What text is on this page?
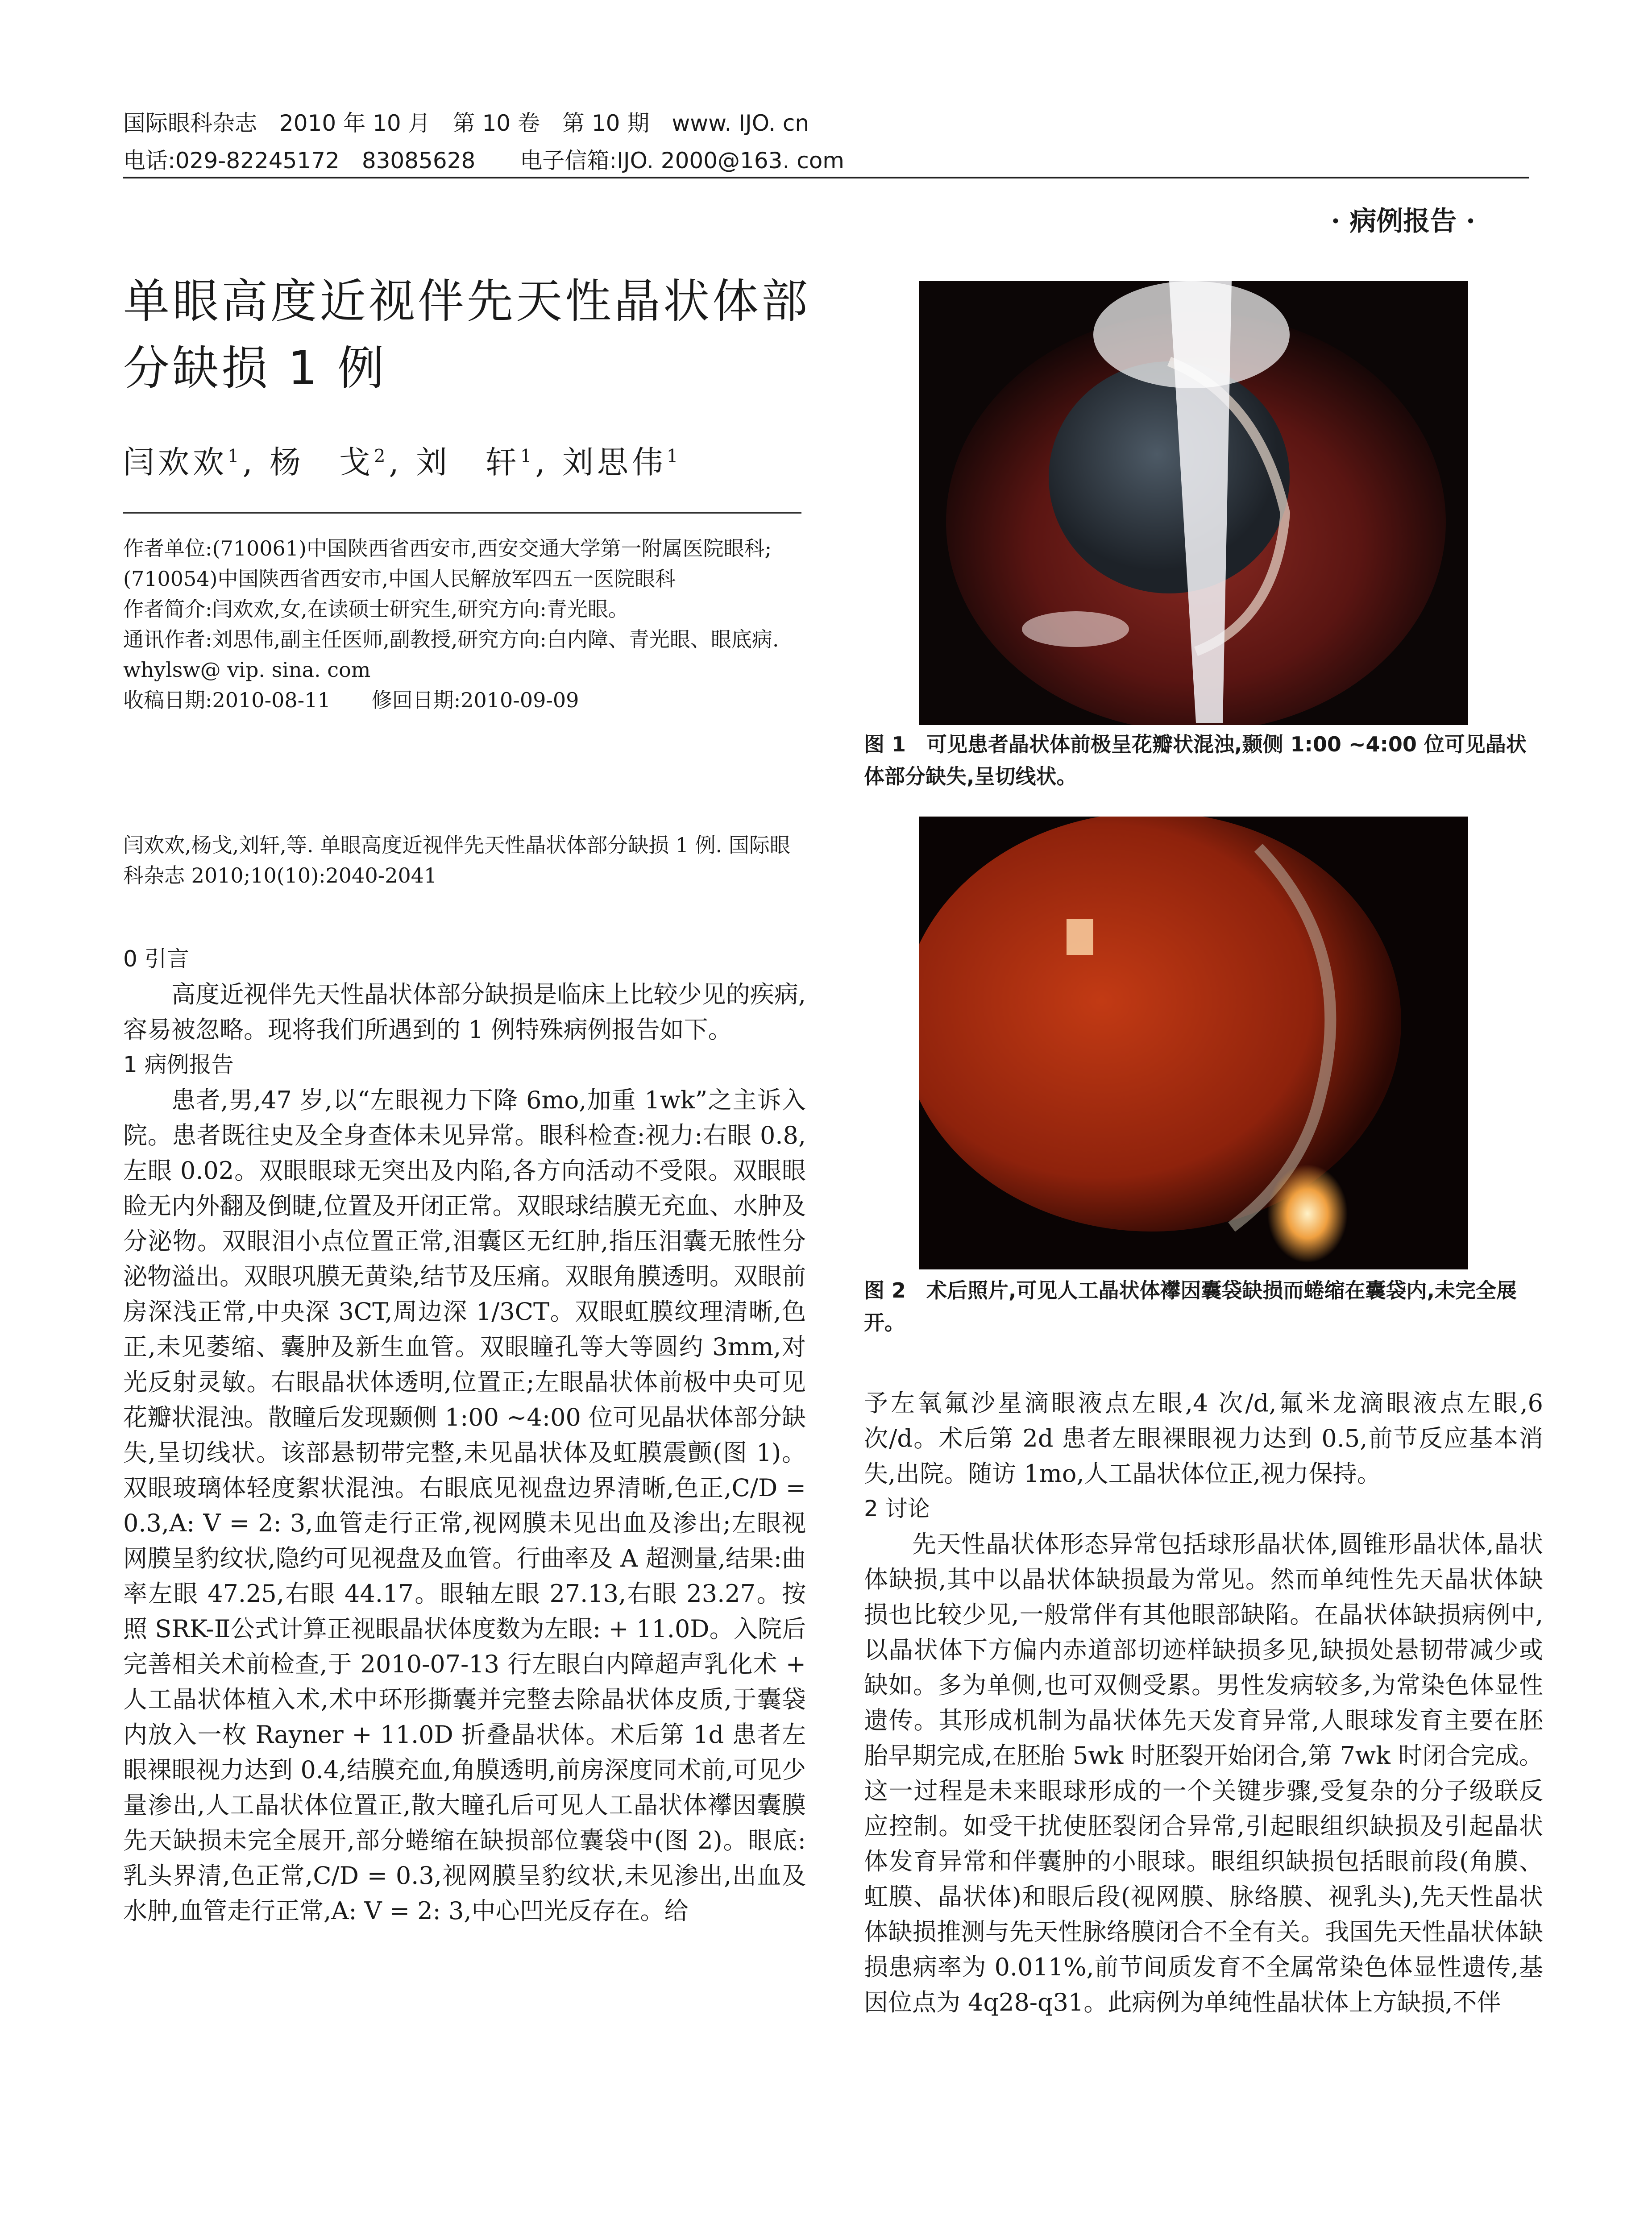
国际眼科杂志　2010 年 10 月　第 10 卷　第 10 期　www. IJO. cn
电话:029-82245172　83085628　　电子信箱:IJO. 2000@163. com
· 病例报告 ·
单眼高度近视伴先天性晶状体部分缺损 1 例
闫欢欢$^1$, 杨　戈$^2$, 刘　轩$^1$, 刘思伟$^1$

作者单位:(710061)中国陕西省西安市,西安交通大学第一附属医院眼科;(710054)中国陕西省西安市,中国人民解放军四五一医院眼科

作者简介:闫欢欢,女,在读硕士研究生,研究方向:青光眼。

通讯作者:刘思伟,副主任医师,副教授,研究方向:白内障、青光眼、眼底病. whylsw@ vip. sina. com

收稿日期:2010-08-11　　修回日期:2010-09-09

闫欢欢,杨戈,刘轩,等. 单眼高度近视伴先天性晶状体部分缺损 1 例. 国际眼科杂志 2010;10(10):2040-2041

0 引言

高度近视伴先天性晶状体部分缺损是临床上比较少见的疾病,容易被忽略。现将我们所遇到的 1 例特殊病例报告如下。

1 病例报告

患者,男,47 岁,以“左眼视力下降 6mo,加重 1wk”之主诉入院。患者既往史及全身查体未见异常。眼科检查:视力:右眼 0.8,左眼 0.02。双眼眼球无突出及内陷,各方向活动不受限。双眼眼睑无内外翻及倒睫,位置及开闭正常。双眼球结膜无充血、水肿及分泌物。双眼泪小点位置正常,泪囊区无红肿,指压泪囊无脓性分泌物溢出。双眼巩膜无黄染,结节及压痛。双眼角膜透明。双眼前房深浅正常,中央深 3CT,周边深 1/3CT。双眼虹膜纹理清晰,色正,未见萎缩、囊肿及新生血管。双眼瞳孔等大等圆约 3mm,对光反射灵敏。右眼晶状体透明,位置正;左眼晶状体前极中央可见花瓣状混浊。散瞳后发现颞侧 1:00 ~4:00 位可见晶状体部分缺失,呈切线状。该部悬韧带完整,未见晶状体及虹膜震颤(图 1)。双眼玻璃体轻度絮状混浊。右眼底见视盘边界清晰,色正,C/D = 0.3,A: V = 2: 3,血管走行正常,视网膜未见出血及渗出;左眼视网膜呈豹纹状,隐约可见视盘及血管。行曲率及 A 超测量,结果:曲率左眼 47.25,右眼 44.17。眼轴左眼 27.13,右眼 23.27。按照 SRK-Ⅱ公式计算正视眼晶状体度数为左眼: + 11.0D。入院后完善相关术前检查,于 2010-07-13 行左眼白内障超声乳化术 + 人工晶状体植入术,术中环形撕囊并完整去除晶状体皮质,于囊袋内放入一枚 Rayner + 11.0D 折叠晶状体。术后第 1d 患者左眼裸眼视力达到 0.4,结膜充血,角膜透明,前房深度同术前,可见少量渗出,人工晶状体位置正,散大瞳孔后可见人工晶状体襻因囊膜先天缺损未完全展开,部分蜷缩在缺损部位囊袋中(图 2)。眼底:乳头界清,色正常,C/D = 0.3,视网膜呈豹纹状,未见渗出,出血及水肿,血管走行正常,A: V = 2: 3,中心凹光反存在。给

图 1　可见患者晶状体前极呈花瓣状混浊,颞侧 1:00 ~4:00 位可见晶状体部分缺失,呈切线状。
图 2　术后照片,可见人工晶状体襻因囊袋缺损而蜷缩在囊袋内,未完全展开。

予左氧氟沙星滴眼液点左眼,4 次/d,氟米龙滴眼液点左眼,6 次/d。术后第 2d 患者左眼裸眼视力达到 0.5,前节反应基本消失,出院。随访 1mo,人工晶状体位正,视力保持。

2 讨论

先天性晶状体形态异常包括球形晶状体,圆锥形晶状体,晶状体缺损,其中以晶状体缺损最为常见。然而单纯性先天晶状体缺损也比较少见,一般常伴有其他眼部缺陷。在晶状体缺损病例中,以晶状体下方偏内赤道部切迹样缺损多见,缺损处悬韧带减少或缺如。多为单侧,也可双侧受累。男性发病较多,为常染色体显性遗传。其形成机制为晶状体先天发育异常,人眼球发育主要在胚胎早期完成,在胚胎 5wk 时胚裂开始闭合,第 7wk 时闭合完成。这一过程是未来眼球形成的一个关键步骤,受复杂的分子级联反应控制。如受干扰使胚裂闭合异常,引起眼组织缺损及引起晶状体发育异常和伴囊肿的小眼球。眼组织缺损包括眼前段(角膜、虹膜、晶状体)和眼后段(视网膜、脉络膜、视乳头),先天性晶状体缺损推测与先天性脉络膜闭合不全有关。我国先天性晶状体缺损患病率为 0.011%,前节间质发育不全属常染色体显性遗传,基因位点为 4q28-q31。此病例为单纯性晶状体上方缺损,不伴
